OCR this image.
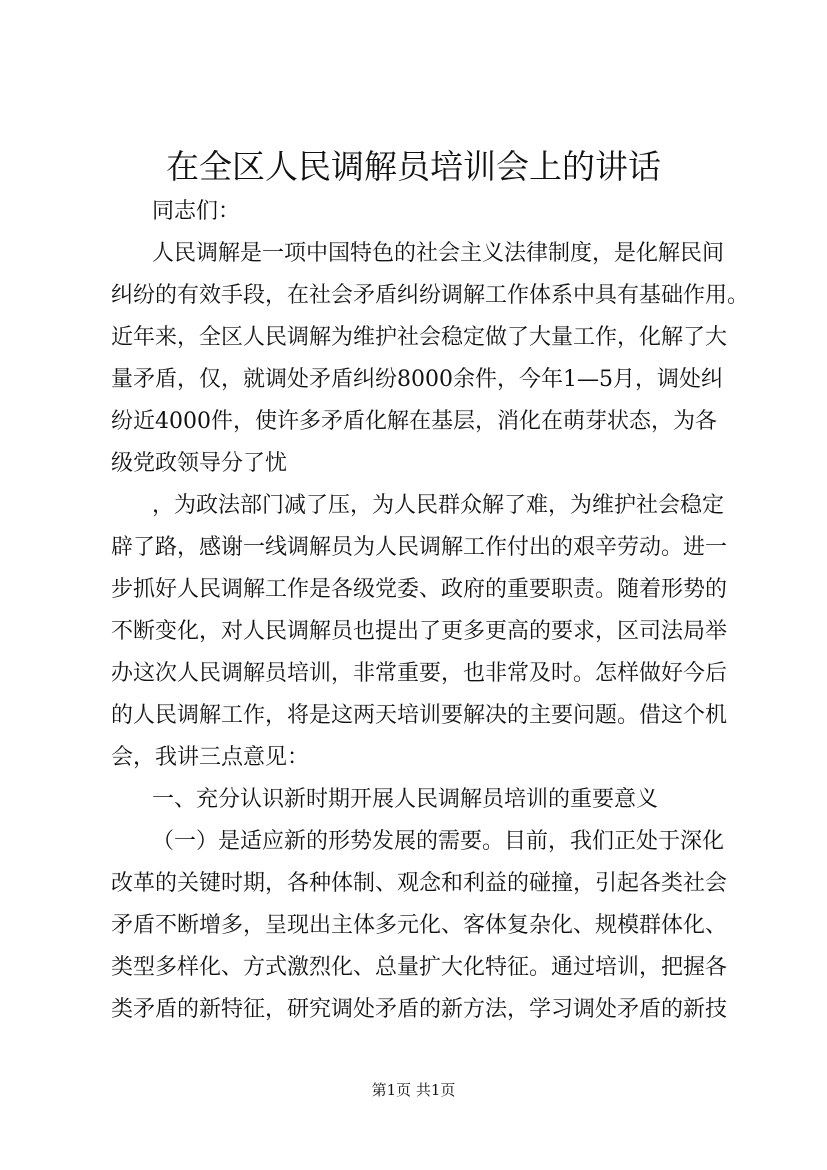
在全区人民调解员培训会上的讲话
同志们：
人民调解是一项中国特色的社会主义法律制度，是化解民间
纠纷的有效手段，在社会矛盾纠纷调解工作体系中具有基础作用。
近年来，全区人民调解为维护社会稳定做了大量工作，化解了大
量矛盾，仅，就调处矛盾纠纷8000余件，今年1—5月，调处纠
纷近4000件，使许多矛盾化解在基层，消化在萌芽状态，为各
级党政领导分了忧
，为政法部门减了压，为人民群众解了难，为维护社会稳定
辟了路，感谢一线调解员为人民调解工作付出的艰辛劳动。进一
步抓好人民调解工作是各级党委、政府的重要职责。随着形势的
不断变化，对人民调解员也提出了更多更高的要求，区司法局举
办这次人民调解员培训，非常重要，也非常及时。怎样做好今后
的人民调解工作，将是这两天培训要解决的主要问题。借这个机
会，我讲三点意见：
一、充分认识新时期开展人民调解员培训的重要意义
（一）是适应新的形势发展的需要。目前，我们正处于深化
改革的关键时期，各种体制、观念和利益的碰撞，引起各类社会
矛盾不断增多，呈现出主体多元化、客体复杂化、规模群体化、
类型多样化、方式激烈化、总量扩大化特征。通过培训，把握各
类矛盾的新特征，研究调处矛盾的新方法，学习调处矛盾的新技
第1页 共1页
